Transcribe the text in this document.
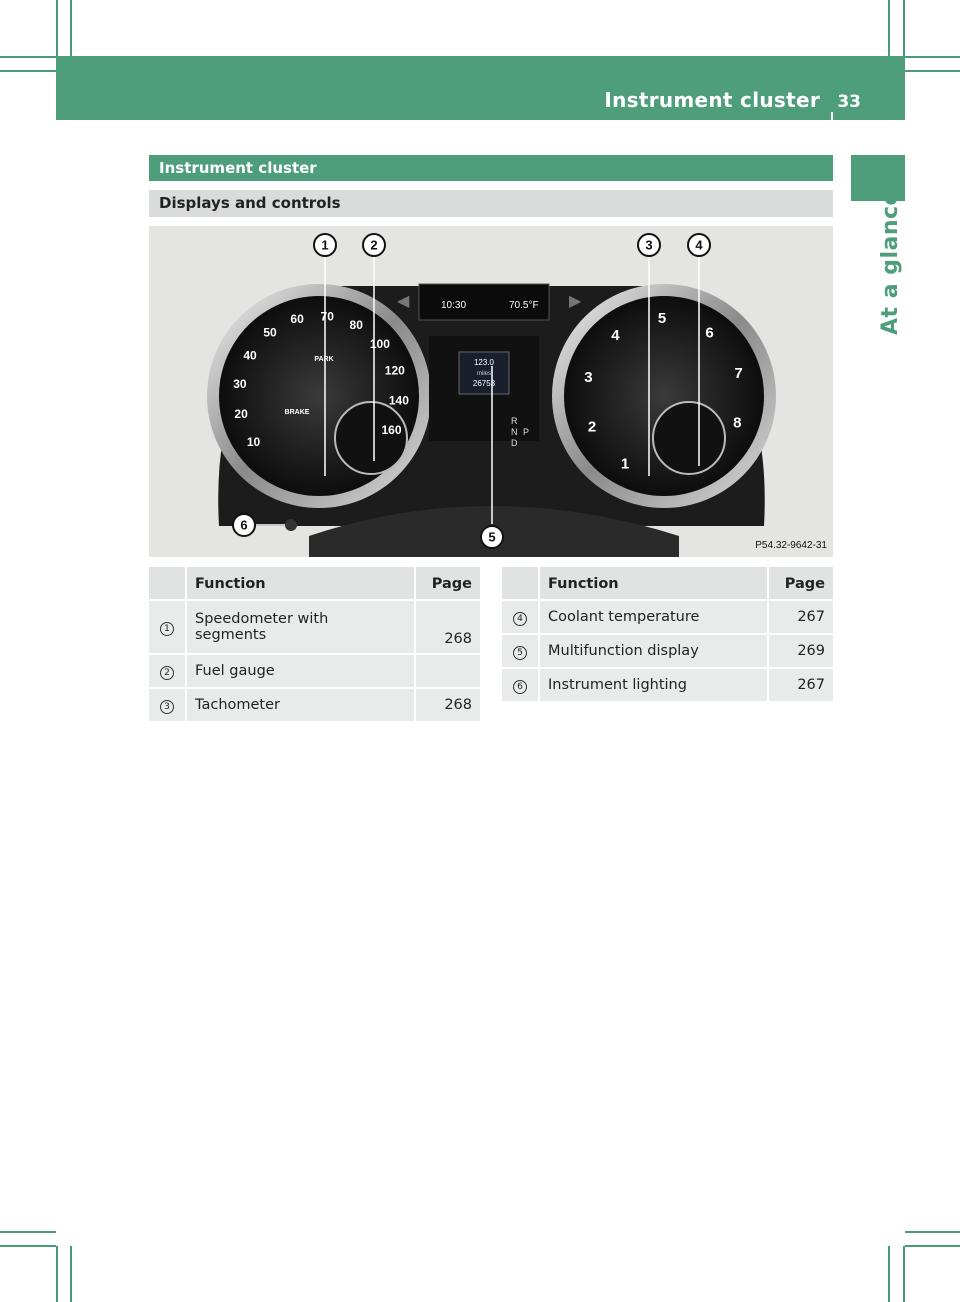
Instrument cluster 33
At a glance
Instrument cluster
Displays and controls
10
20
30
40
50
60 70
80
100
120
140
160
PARK
BRAKE
1
2
3
4
5
6
7
8
10:30	70.5°F
123.0
miles
26753
R
N
D
P
1	2	3	4
5
6
◀	▶
P54.32-9642-31
	Function	Page
1	Speedometer with
segments	268
2	Fuel gauge	
3	Tachometer	268
	Function	Page
4	Coolant temperature	267
5	Multifunction display	269
6	Instrument lighting	267
